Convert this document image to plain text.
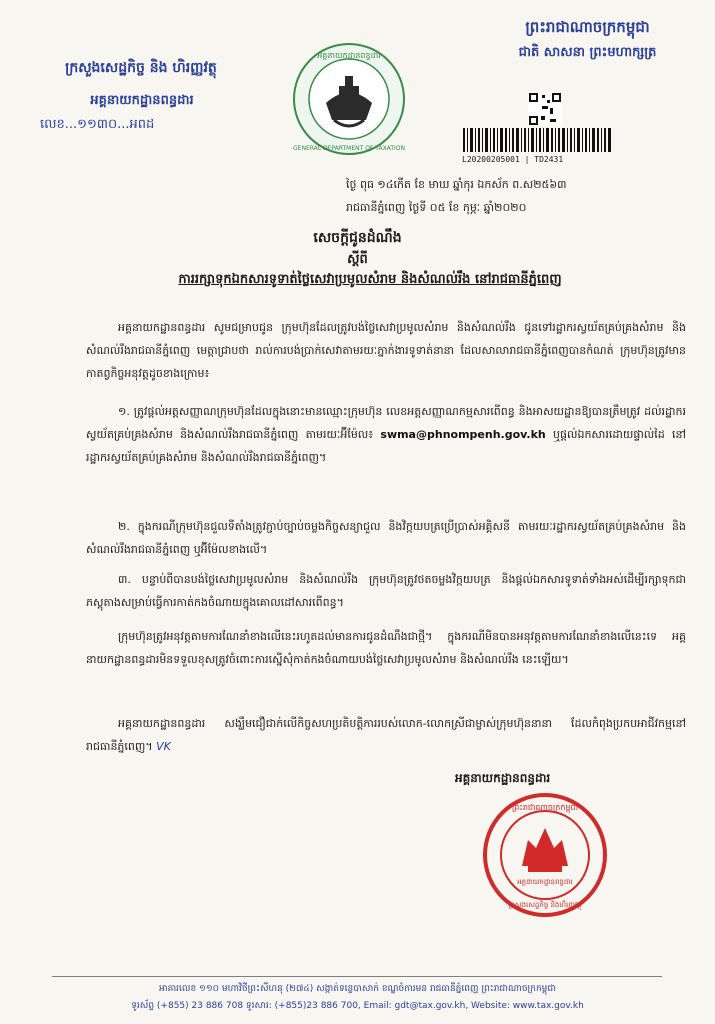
ក្រសួងសេដ្ឋកិច្ច និង ហិរញ្ញវត្ថុ
អគ្គនាយកដ្ឋានពន្ធដារ
លេខ...១១៣០...អពដ
អគ្គនាយកដ្ឋានពន្ធដារ
GENERAL DEPARTMENT OF TAXATION
ព្រះរាជាណាចក្រកម្ពុជា
ជាតិ សាសនា ព្រះមហាក្សត្រ
L20200205001 | TD2431
ថ្ងៃ ពុធ ១៤កើត ខែ មាឃ ឆ្នាំកុរ ឯកស័ក ព.ស២៥៦៣
រាជធានីភ្នំពេញ ថ្ងៃទី ០៥ ខែ កុម្ភៈ ឆ្នាំ២០២០
សេចក្តីជូនដំណឹង
ស្តីពី
ការរក្សាទុកឯកសារទូទាត់ថ្លៃសេវាប្រមូលសំរាម និងសំណល់រឹង នៅរាជធានីភ្នំពេញ
អគ្គនាយកដ្ឋានពន្ធដារ សូមជម្រាបជូន ក្រុមហ៊ុនដែលត្រូវបង់ថ្លៃសេវាប្រមូលសំរាម និងសំណល់រឹង ជូនទៅរដ្ឋាករស្វយ័តគ្រប់គ្រងសំរាម និងសំណល់រឹងរាជធានីភ្នំពេញ មេត្តាជ្រាបថា រាល់ការបង់ប្រាក់សេវាតាមរយៈភ្នាក់ងារទូទាត់នានា ដែលសាលារាជធានីភ្នំពេញបានកំណត់ ក្រុមហ៊ុនត្រូវមានកាតព្វកិច្ចអនុវត្តដូចខាងក្រោម៖
១. ត្រូវផ្តល់អត្តសញ្ញាណក្រុមហ៊ុនដែលក្នុងនោះមានឈ្មោះក្រុមហ៊ុន លេខអត្តសញ្ញាណកម្មសារពើពន្ធ និងអាសយដ្ឋានឱ្យបានត្រឹមត្រូវ ដល់រដ្ឋាករស្វយ័តគ្រប់គ្រងសំរាម និងសំណល់រឹងរាជធានីភ្នំពេញ តាមរយៈអ៊ីម៉ែល៖ swma@phnompenh.gov.kh ឬផ្តល់ឯកសារដោយផ្ទាល់ដៃ នៅរដ្ឋាករស្វយ័តគ្រប់គ្រងសំរាម និងសំណល់រឹងរាជធានីភ្នំពេញ។
២. ក្នុងករណីក្រុមហ៊ុនជួលទីតាំងត្រូវភ្ជាប់ច្បាប់ចម្លងកិច្ចសន្យាជួល និងវិក្កយបត្រប្រើប្រាស់អគ្គិសនី តាមរយៈរដ្ឋាករស្វយ័តគ្រប់គ្រងសំរាម និងសំណល់រឹងរាជធានីភ្នំពេញ ឬអ៊ីម៉ែលខាងលើ។
៣. បន្ទាប់ពីបានបង់ថ្លៃសេវាប្រមូលសំរាម និងសំណល់រឹង ក្រុមហ៊ុនត្រូវថតចម្លងវិក្កយបត្រ និងផ្តល់ឯកសារទូទាត់ទាំងអស់ដើម្បីរក្សាទុកជាភស្តុតាងសម្រាប់ធ្វើការកាត់កងចំណាយក្នុងគោលដៅសារពើពន្ធ។
ក្រុមហ៊ុនត្រូវអនុវត្តតាមការណែនាំខាងលើនេះរហូតដល់មានការជូនដំណឹងជាថ្មី។ ក្នុងករណីមិនបានអនុវត្តតាមការណែនាំខាងលើនេះទេ អគ្គនាយកដ្ឋានពន្ធដារមិនទទួលខុសត្រូវចំពោះការស្នើសុំកាត់កងចំណាយបង់ថ្លៃសេវាប្រមូលសំរាម និងសំណល់រឹង នេះឡើយ។
អគ្គនាយកដ្ឋានពន្ធដារ សង្ឃឹមជឿជាក់លើកិច្ចសហប្រតិបត្តិការរបស់លោក-លោកស្រីជាម្ចាស់ក្រុមហ៊ុននានា ដែលកំពុងប្រកបអាជីវកម្មនៅរាជធានីភ្នំពេញ។ VK
អគ្គនាយកដ្ឋានពន្ធដារ
ព្រះរាជាណាចក្រកម្ពុជា
អគ្គនាយកដ្ឋានពន្ធដារ
ក្រសួងសេដ្ឋកិច្ច និងហិរញ្ញវត្ថុ
អាគារលេខ ១១០ មហាវិថីព្រះសីហនុ (២៧៤) សង្កាត់ទន្លេបាសាក់ ខណ្ឌចំការមន រាជធានីភ្នំពេញ ព្រះរាជាណាចក្រកម្ពុជា
ទូរស័ព្ទ (+855) 23 886 708 ទូរសារ: (+855)23 886 700, Email: gdt@tax.gov.kh, Website: www.tax.gov.kh
